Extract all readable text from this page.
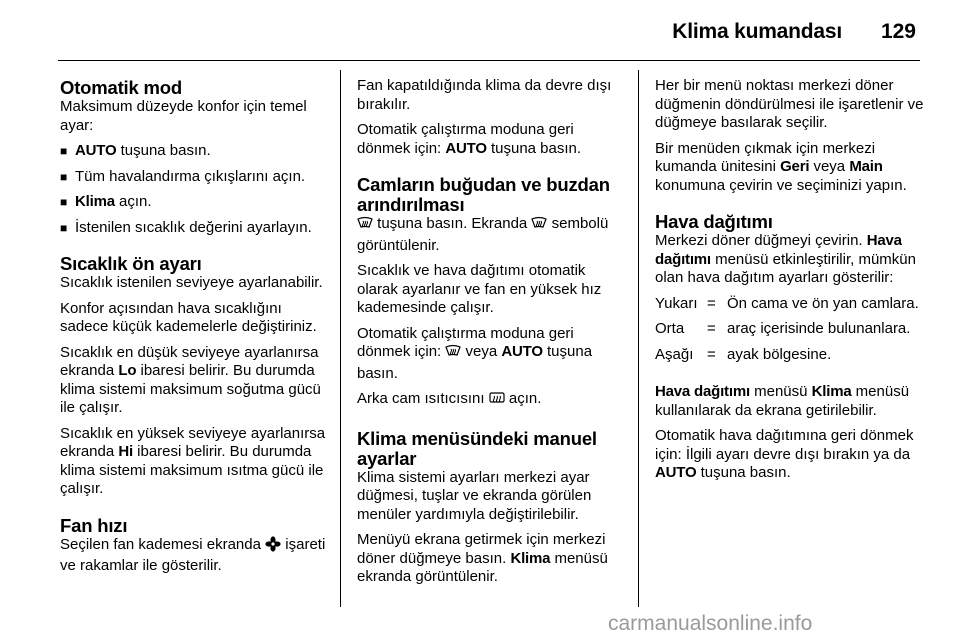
Klima kumandası 129
Otomatik mod

Maksimum düzeyde konfor için temel ayar:

■ AUTO tuşuna basın.
■ Tüm havalandırma çıkışlarını açın.
■ Klima açın.
■ İstenilen sıcaklık değerini ayarlayın.
Sıcaklık ön ayarı

Sıcaklık istenilen seviyeye ayarlanabilir.

Konfor açısından hava sıcaklığını sadece küçük kademelerle değiştiriniz.

Sıcaklık en düşük seviyeye ayarlanırsa ekranda Lo ibaresi belirir. Bu durumda klima sistemi maksimum soğutma gücü ile çalışır.

Sıcaklık en yüksek seviyeye ayarlanırsa ekranda Hi ibaresi belirir. Bu durumda klima sistemi maksimum ısıtma gücü ile çalışır.

Fan hızı

Seçilen fan kademesi ekranda  işareti ve rakamlar ile gösterilir.

Fan kapatıldığında klima da devre dışı bırakılır.

Otomatik çalıştırma moduna geri dönmek için: AUTO tuşuna basın.

Camların buğudan ve buzdan arındırılması

tuşuna basın. Ekranda  sembolü görüntülenir.

Sıcaklık ve hava dağıtımı otomatik olarak ayarlanır ve fan en yüksek hız kademesinde çalışır.

Otomatik çalıştırma moduna geri dönmek için:  veya AUTO tuşuna basın.

Arka cam ısıtıcısını  açın.

Klima menüsündeki manuel ayarlar

Klima sistemi ayarları merkezi ayar düğmesi, tuşlar ve ekranda görülen menüler yardımıyla değiştirilebilir.

Menüyü ekrana getirmek için merkezi döner düğmeye basın. Klima menüsü ekranda görüntülenir.

Her bir menü noktası merkezi döner düğmenin döndürülmesi ile işaretlenir ve düğmeye basılarak seçilir.

Bir menüden çıkmak için merkezi kumanda ünitesini Geri veya Main konumuna çevirin ve seçiminizi yapın.

Hava dağıtımı

Merkezi döner düğmeyi çevirin. Hava dağıtımı menüsü etkinleştirilir, mümkün olan hava dağıtım ayarları gösterilir:

Yukarı	=	Ön cama ve ön yan camlara.
Orta	=	araç içerisinde bulunanlara.
Aşağı	=	ayak bölgesine.

Hava dağıtımı menüsü Klima menüsü kullanılarak da ekrana getirilebilir.

Otomatik hava dağıtımına geri dönmek için: İlgili ayarı devre dışı bırakın ya da AUTO tuşuna basın.

carmanualsonline.info
